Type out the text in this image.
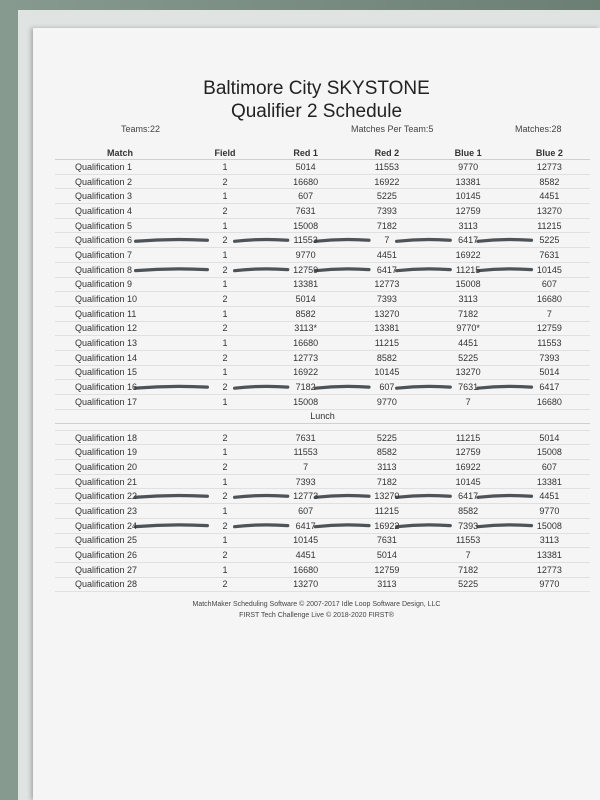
Baltimore City SKYSTONE
Qualifier 2 Schedule
Teams:22	Matches Per Team:5	Matches:28
Match	Field	Red 1	Red 2	Blue 1	Blue 2
Qualification 1	1	5014	11553	9770	12773
Qualification 2	2	16680	16922	13381	8582
Qualification 3	1	607	5225	10145	4451
Qualification 4	2	7631	7393	12759	13270
Qualification 5	1	15008	7182	3113	11215
Qualification 6	2	11553	7	6417	5225
Qualification 7	1	9770	4451	16922	7631
Qualification 8	2	12759	6417	11215	10145
Qualification 9	1	13381	12773	15008	607
Qualification 10	2	5014	7393	3113	16680
Qualification 11	1	8582	13270	7182	7
Qualification 12	2	3113*	13381	9770*	12759
Qualification 13	1	16680	11215	4451	11553
Qualification 14	2	12773	8582	5225	7393
Qualification 15	1	16922	10145	13270	5014
Qualification 16	2	7182	607	7631	6417
Qualification 17	1	15008	9770	7	16680
Lunch					

Qualification 18	2	7631	5225	11215	5014
Qualification 19	1	11553	8582	12759	15008
Qualification 20	2	7	3113	16922	607
Qualification 21	1	7393	7182	10145	13381
Qualification 22	2	12773	13270	6417	4451
Qualification 23	1	607	11215	8582	9770
Qualification 24	2	6417	16922	7393	15008
Qualification 25	1	10145	7631	11553	3113
Qualification 26	2	4451	5014	7	13381
Qualification 27	1	16680	12759	7182	12773
Qualification 28	2	13270	3113	5225	9770
MatchMaker Scheduling Software © 2007-2017 Idle Loop Software Design, LLC
FIRST Tech Challenge Live © 2018-2020 FIRST®
